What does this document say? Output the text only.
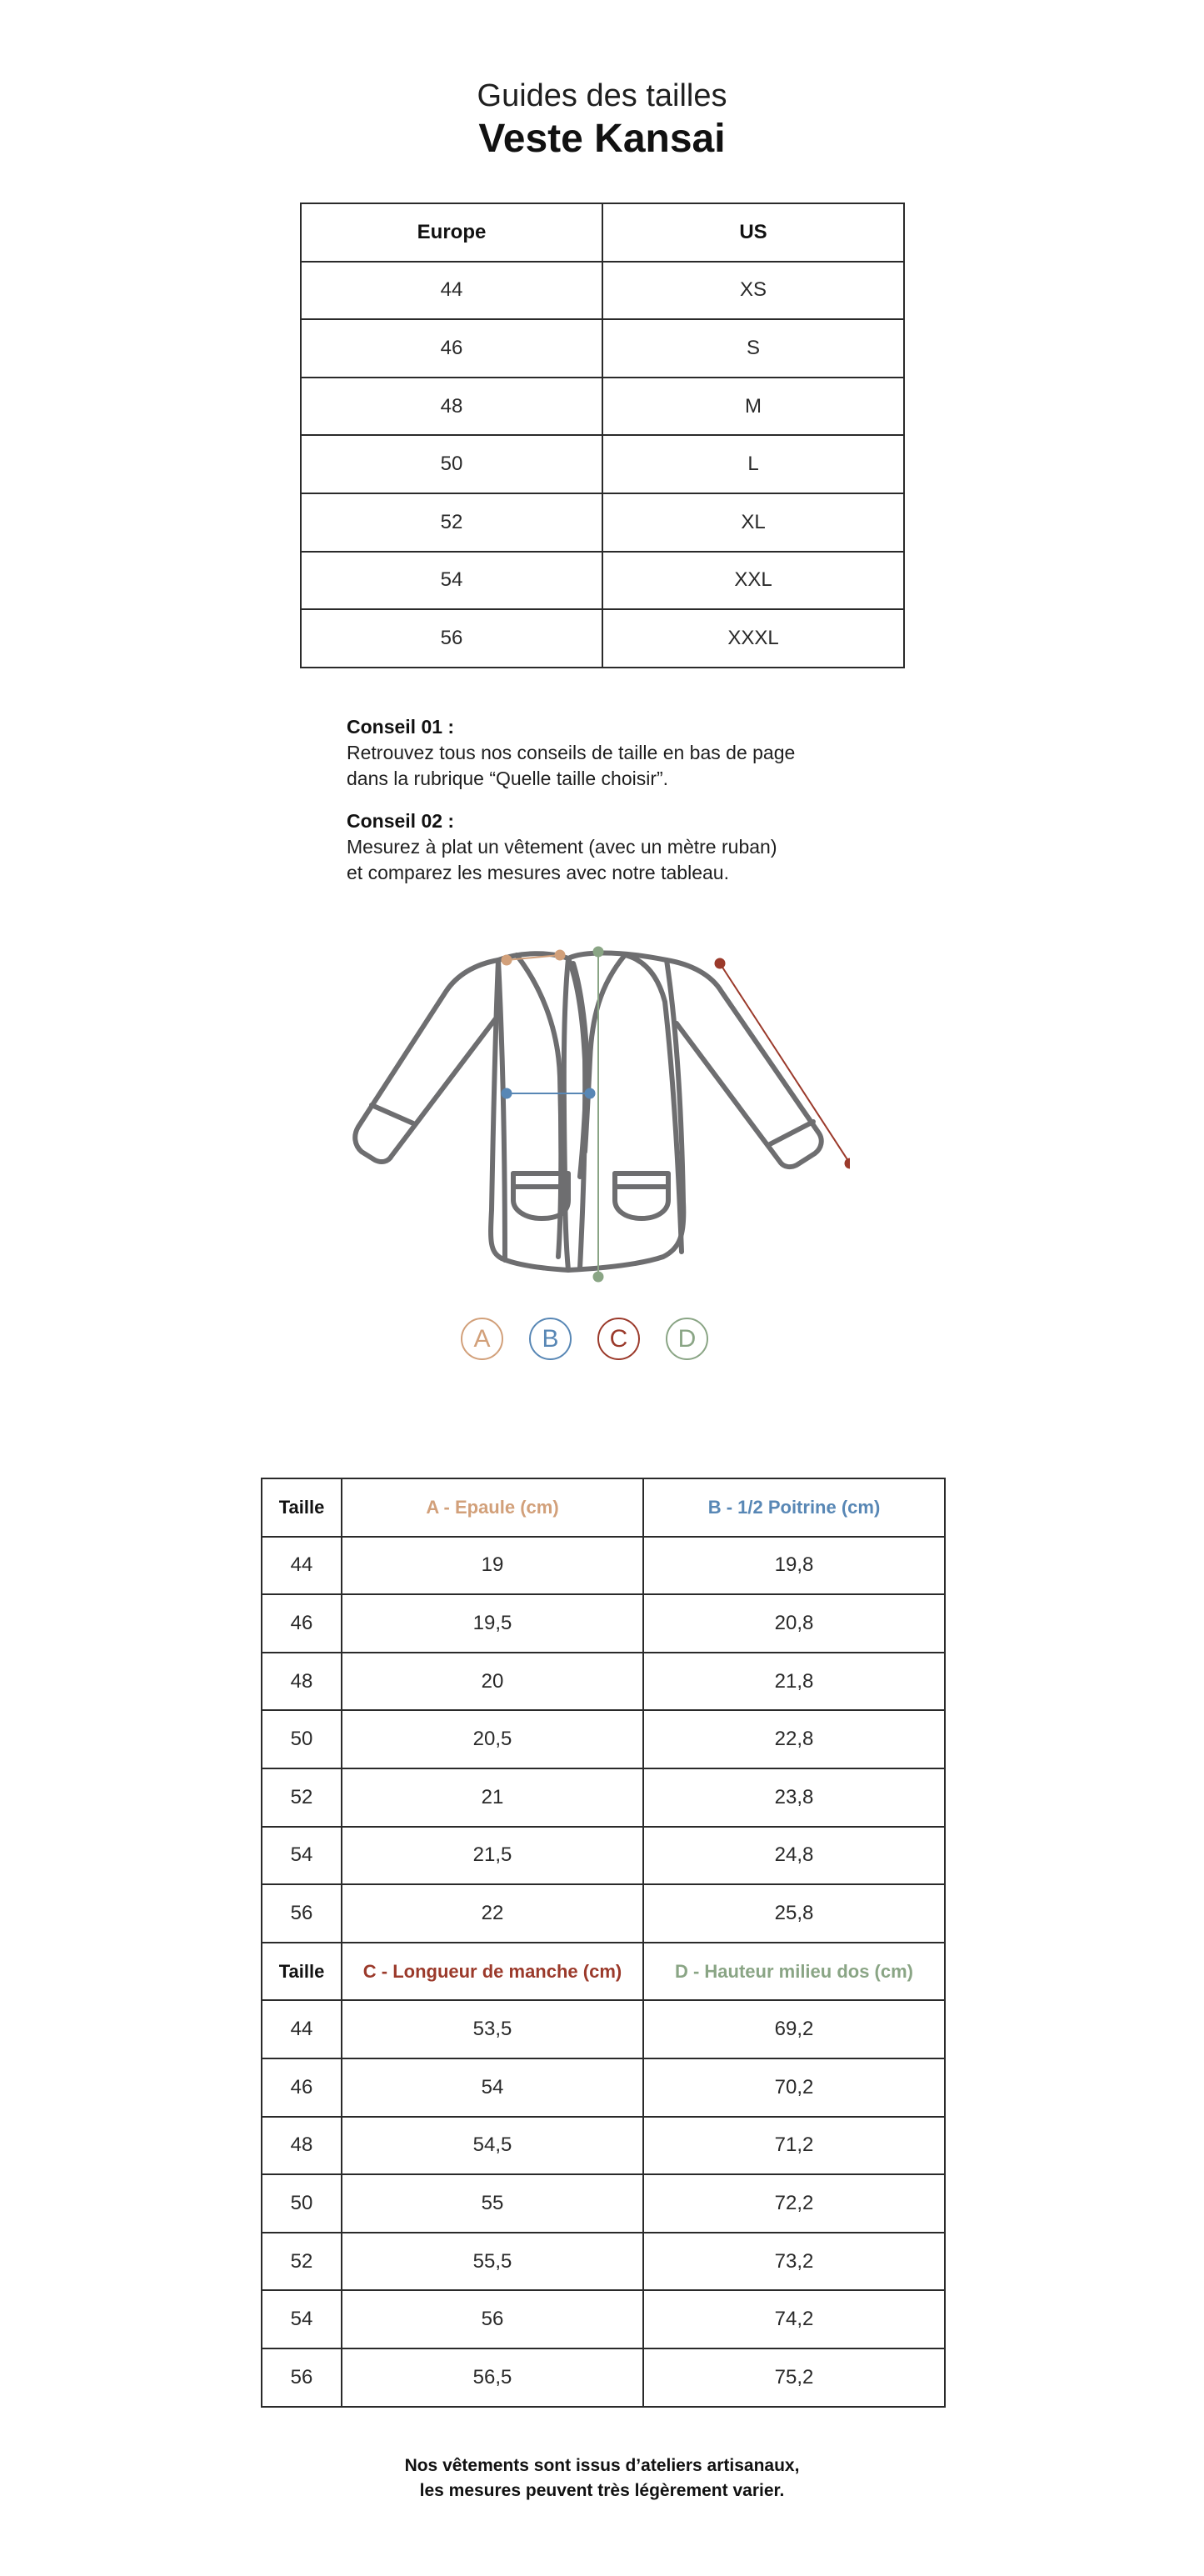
Guides des tailles
Veste Kansai
Europe	US
44	XS
46	S
48	M
50	L
52	XL
54	XXL
56	XXXL
Conseil 01 :
Retrouvez tous nos conseils de taille en bas de page
dans la rubrique “Quelle taille choisir”.
Conseil 02 :
Mesurez à plat un vêtement (avec un mètre ruban)
et comparez les mesures avec notre tableau.
A	B	C	D
Taille	A - Epaule (cm)	B - 1/2 Poitrine (cm)
44	19	19,8
46	19,5	20,8
48	20	21,8
50	20,5	22,8
52	21	23,8
54	21,5	24,8
56	22	25,8
Taille	C - Longueur de manche (cm)	D - Hauteur milieu dos (cm)
44	53,5	69,2
46	54	70,2
48	54,5	71,2
50	55	72,2
52	55,5	73,2
54	56	74,2
56	56,5	75,2
Nos vêtements sont issus d’ateliers artisanaux,
les mesures peuvent très légèrement varier.
